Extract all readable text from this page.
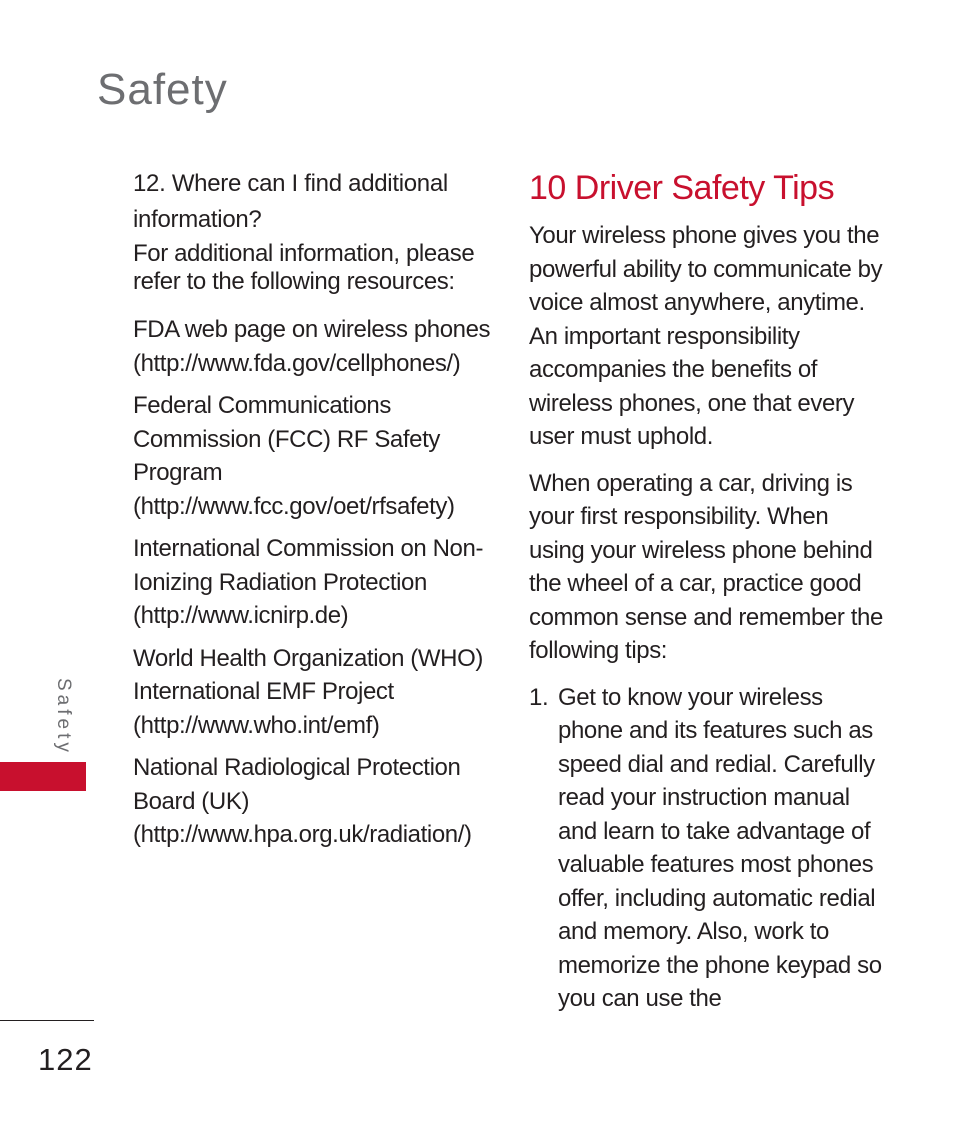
Safety
12. Where can I find additional information?

For additional information, please refer to the following resources:

FDA web page on wireless phones
(http://www.fda.gov/cellphones/)

Federal Communications Commission (FCC) RF Safety Program
(http://www.fcc.gov/oet/rfsafety)

International Commission on Non-Ionizing Radiation Protection
(http://www.icnirp.de)

World Health Organization (WHO) International EMF Project
(http://www.who.int/emf)

National Radiological Protection Board (UK)
(http://www.hpa.org.uk/radiation/)

10 Driver Safety Tips

Your wireless phone gives you the powerful ability to communicate by voice almost anywhere, anytime. An important responsibility accompanies the benefits of wireless phones, one that every user must uphold.

When operating a car, driving is your first responsibility. When using your wireless phone behind the wheel of a car, practice good common sense and remember the following tips:

1. Get to know your wireless phone and its features such as speed dial and redial. Carefully read your instruction manual and learn to take advantage of valuable features most phones offer, including automatic redial and memory. Also, work to memorize the phone keypad so you can use the

Safety

122
